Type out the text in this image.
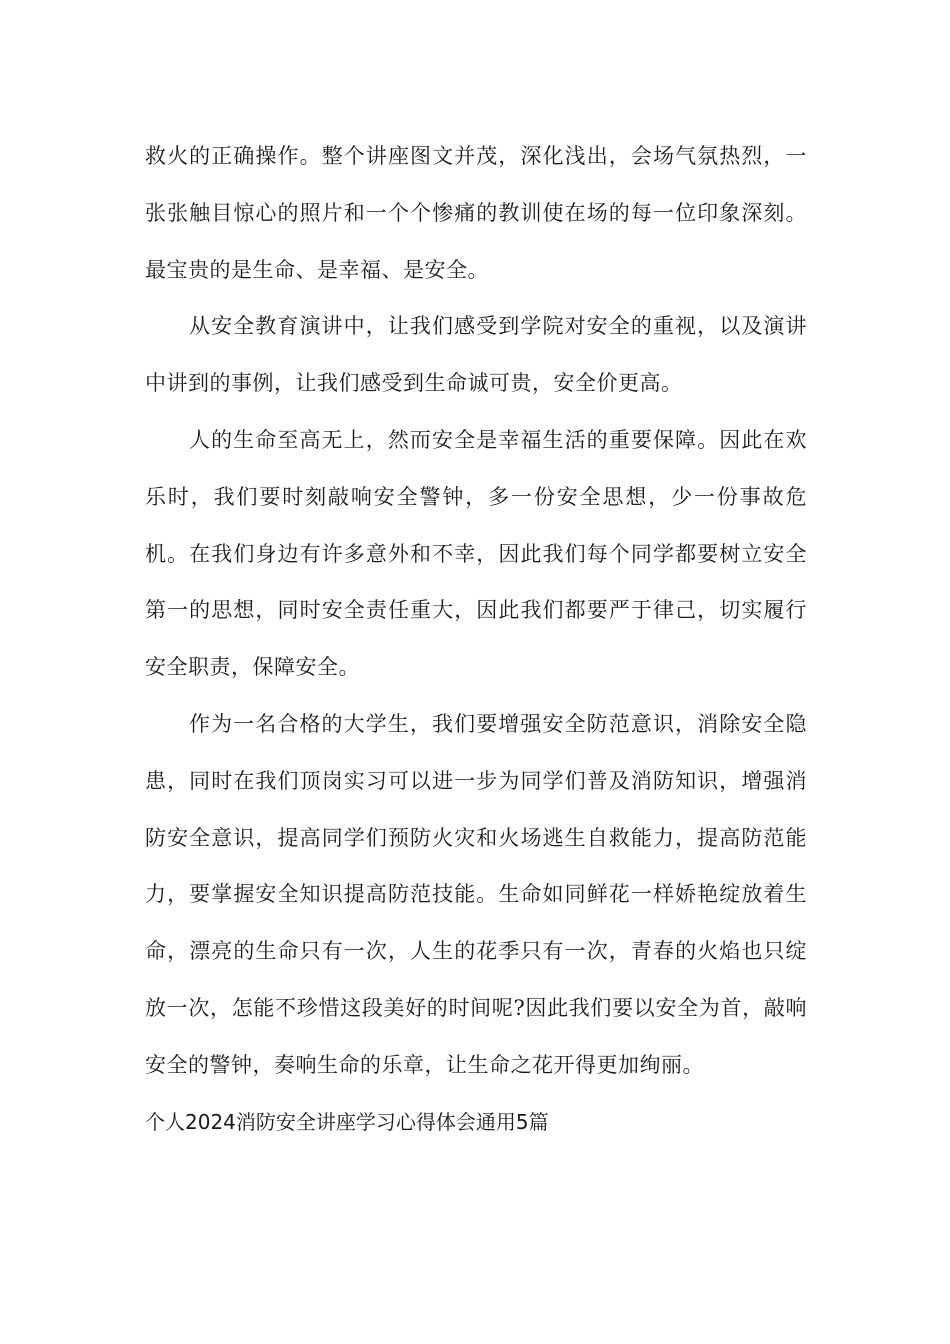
救火的正确操作。整个讲座图文并茂，深化浅出，会场气氛热烈，一张张触目惊心的照片和一个个惨痛的教训使在场的每一位印象深刻。 最宝贵的是生命、是幸福、是安全。

从安全教育演讲中，让我们感受到学院对安全的重视，以及演讲中讲到的事例，让我们感受到生命诚可贵，安全价更高。

人的生命至高无上，然而安全是幸福生活的重要保障。因此在欢乐时，我们要时刻敲响安全警钟，多一份安全思想，少一份事故危机。在我们身边有许多意外和不幸，因此我们每个同学都要树立安全第一的思想，同时安全责任重大，因此我们都要严于律己，切实履行安全职责，保障安全。

作为一名合格的大学生，我们要增强安全防范意识，消除安全隐患，同时在我们顶岗实习可以进一步为同学们普及消防知识，增强消防安全意识，提高同学们预防火灾和火场逃生自救能力，提高防范能力，要掌握安全知识提高防范技能。生命如同鲜花一样娇艳绽放着生命，漂亮的生命只有一次，人生的花季只有一次，青春的火焰也只绽放一次，怎能不珍惜这段美好的时间呢?因此我们要以安全为首，敲响安全的警钟，奏响生命的乐章，让生命之花开得更加绚丽。

个人2024消防安全讲座学习心得体会通用5篇
